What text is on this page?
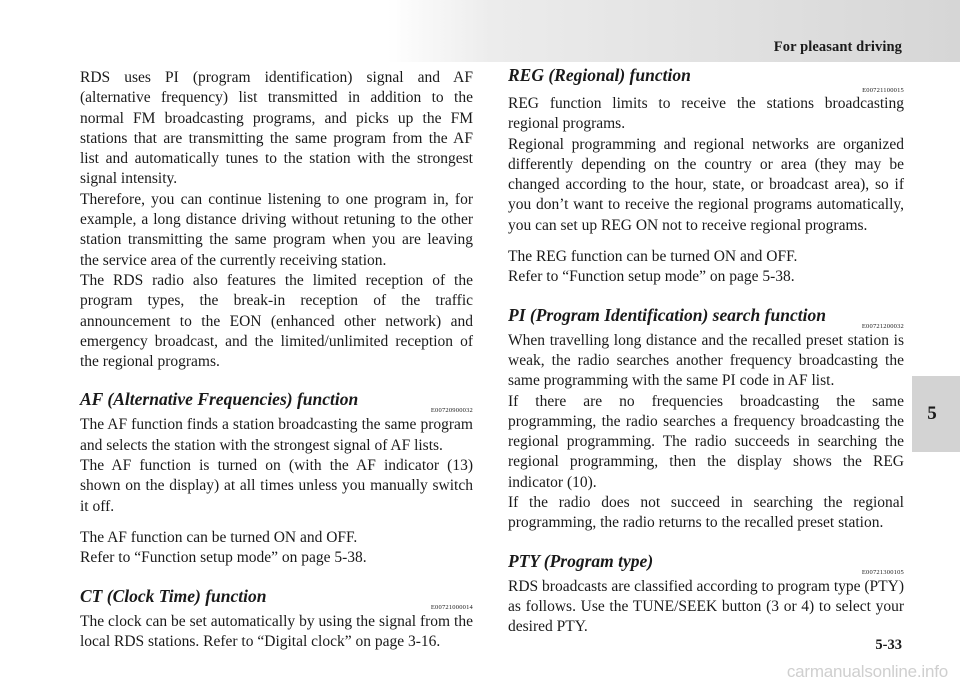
For pleasant driving
5

RDS uses PI (program identification) signal and AF (alternative frequency) list transmitted in addition to the normal FM broadcasting programs, and picks up the FM stations that are transmitting the same program from the AF list and automatically tunes to the station with the strongest signal intensity.

Therefore, you can continue listening to one program in, for example, a long distance driving without retuning to the other station transmitting the same program when you are leaving the service area of the currently receiving station.

The RDS radio also features the limited reception of the program types, the break-in reception of the traffic announcement to the EON (enhanced other network) and emergency broadcast, and the limited/unlimited reception of the regional programs.

AF (Alternative Frequencies) function
E00720900032

The AF function finds a station broadcasting the same program and selects the station with the strongest signal of AF lists.

The AF function is turned on (with the AF indicator (13) shown on the display) at all times unless you manually switch it off.

The AF function can be turned ON and OFF.

Refer to “Function setup mode” on page 5-38.

CT (Clock Time) function
E00721000014

The clock can be set automatically by using the signal from the local RDS stations. Refer to “Digital clock” on page 3-16.

REG (Regional) function
E00721100015

REG function limits to receive the stations broadcasting regional programs.

Regional programming and regional networks are organized differently depending on the country or area (they may be changed according to the hour, state, or broadcast area), so if you don’t want to receive the regional programs automatically, you can set up REG ON not to receive regional programs.

The REG function can be turned ON and OFF.

Refer to “Function setup mode” on page 5-38.

PI (Program Identification) search function
E00721200032

When travelling long distance and the recalled preset station is weak, the radio searches another frequency broadcasting the same programming with the same PI code in AF list.

If there are no frequencies broadcasting the same programming, the radio searches a frequency broadcasting the regional programming. The radio succeeds in searching the regional programming, then the display shows the REG indicator (10).

If the radio does not succeed in searching the regional programming, the radio returns to the recalled preset station.

PTY (Program type)
E00721300105

RDS broadcasts are classified according to program type (PTY) as follows. Use the TUNE/SEEK button (3 or 4) to select your desired PTY.

5-33
carmanualsonline.info
